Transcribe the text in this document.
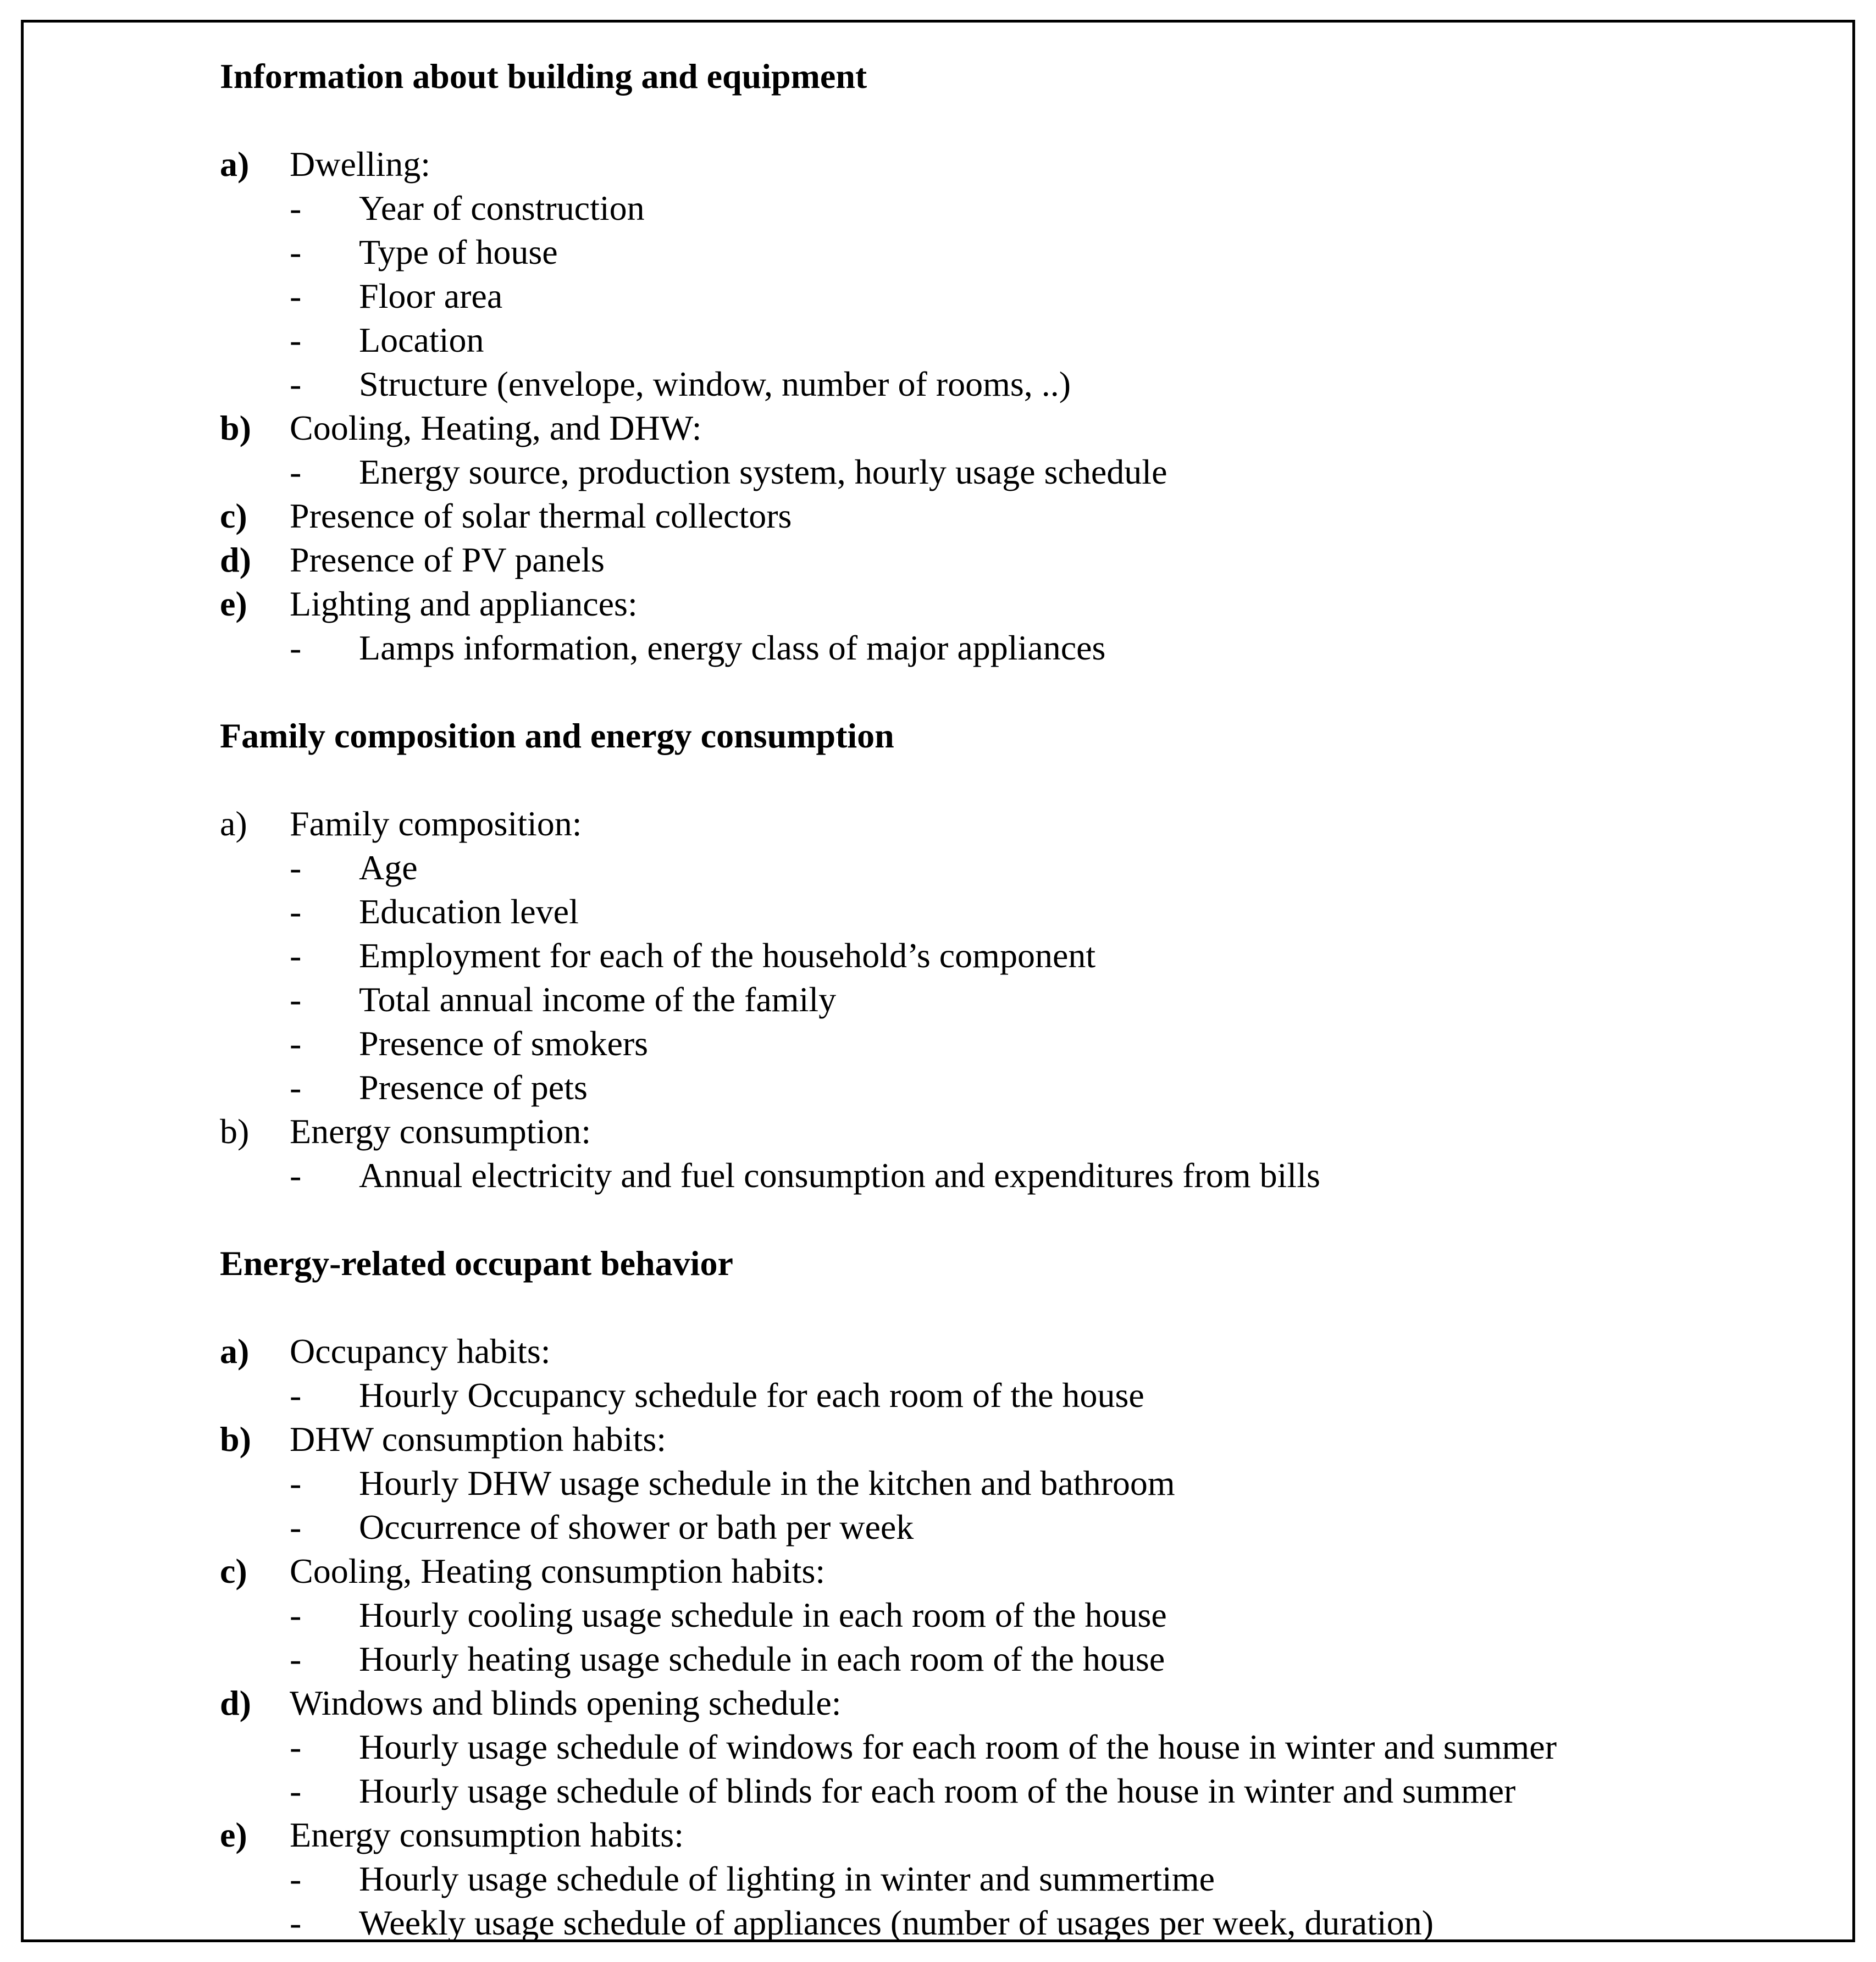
Information about building and equipment
a) Dwelling:
- Year of construction
- Type of house
- Floor area
- Location
- Structure (envelope, window, number of rooms, ..)
b) Cooling, Heating, and DHW:
- Energy source, production system, hourly usage schedule
c) Presence of solar thermal collectors
d) Presence of PV panels
e) Lighting and appliances:
- Lamps information, energy class of major appliances
Family composition and energy consumption
a) Family composition:
- Age
- Education level
- Employment for each of the household’s component
- Total annual income of the family
- Presence of smokers
- Presence of pets
b) Energy consumption:
- Annual electricity and fuel consumption and expenditures from bills
Energy-related occupant behavior
a) Occupancy habits:
- Hourly Occupancy schedule for each room of the house
b) DHW consumption habits:
- Hourly DHW usage schedule in the kitchen and bathroom
- Occurrence of shower or bath per week
c) Cooling, Heating consumption habits:
- Hourly cooling usage schedule in each room of the house
- Hourly heating usage schedule in each room of the house
d) Windows and blinds opening schedule:
- Hourly usage schedule of windows for each room of the house in winter and summer
- Hourly usage schedule of blinds for each room of the house in winter and summer
e) Energy consumption habits:
- Hourly usage schedule of lighting in winter and summertime
- Weekly usage schedule of appliances (number of usages per week, duration)
